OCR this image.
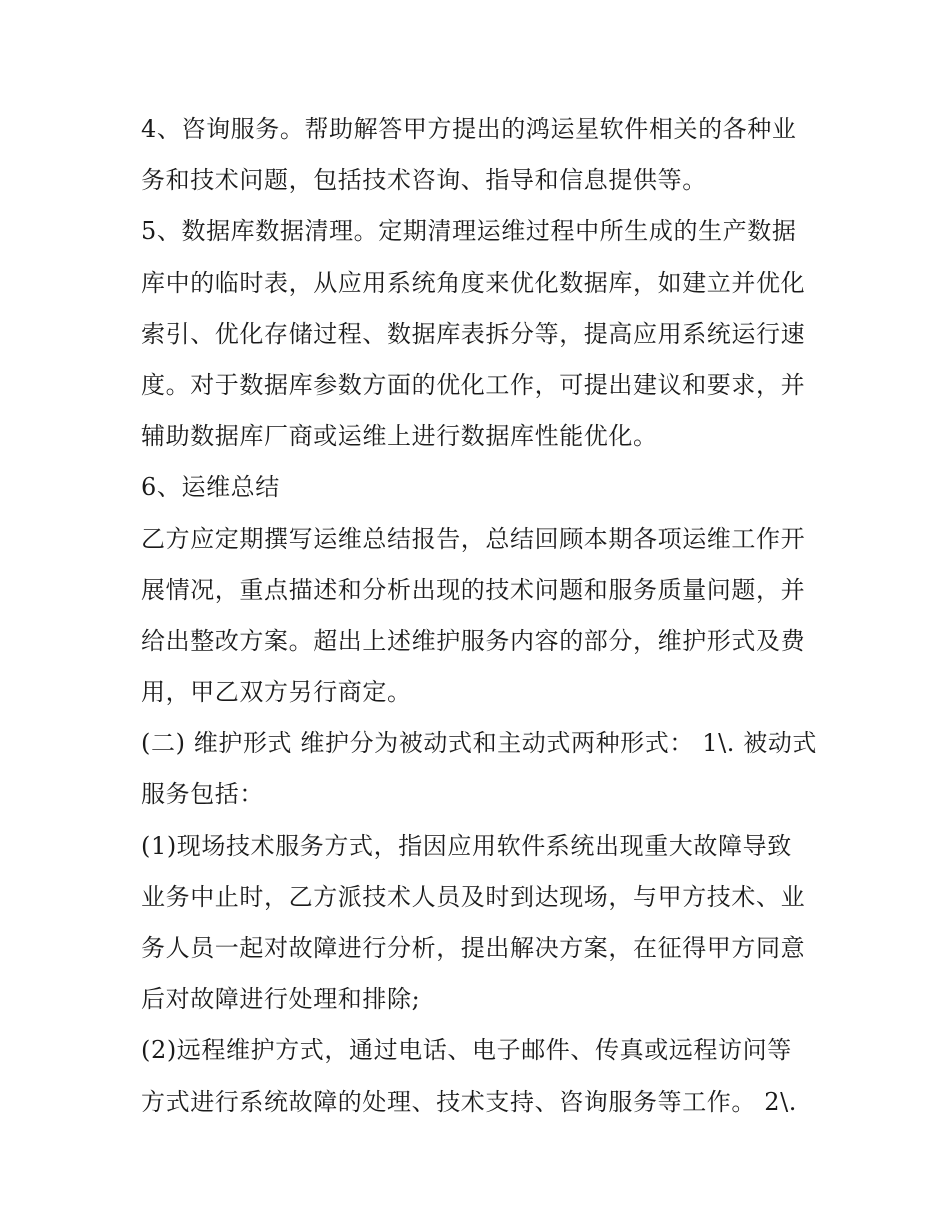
4、咨询服务。帮助解答甲方提出的鸿运星软件相关的各种业
务和技术问题，包括技术咨询、指导和信息提供等。
5、数据库数据清理。定期清理运维过程中所生成的生产数据
库中的临时表，从应用系统角度来优化数据库，如建立并优化
索引、优化存储过程、数据库表拆分等，提高应用系统运行速
度。对于数据库参数方面的优化工作，可提出建议和要求，并
辅助数据库厂商或运维上进行数据库性能优化。
6、运维总结
乙方应定期撰写运维总结报告，总结回顾本期各项运维工作开
展情况，重点描述和分析出现的技术问题和服务质量问题，并
给出整改方案。超出上述维护服务内容的部分，维护形式及费
用，甲乙双方另行商定。
(二) 维护形式 维护分为被动式和主动式两种形式： 1\. 被动式
服务包括：
(1)现场技术服务方式，指因应用软件系统出现重大故障导致
业务中止时，乙方派技术人员及时到达现场，与甲方技术、业
务人员一起对故障进行分析，提出解决方案，在征得甲方同意
后对故障进行处理和排除;
(2)远程维护方式，通过电话、电子邮件、传真或远程访问等
方式进行系统故障的处理、技术支持、咨询服务等工作。 2\.
